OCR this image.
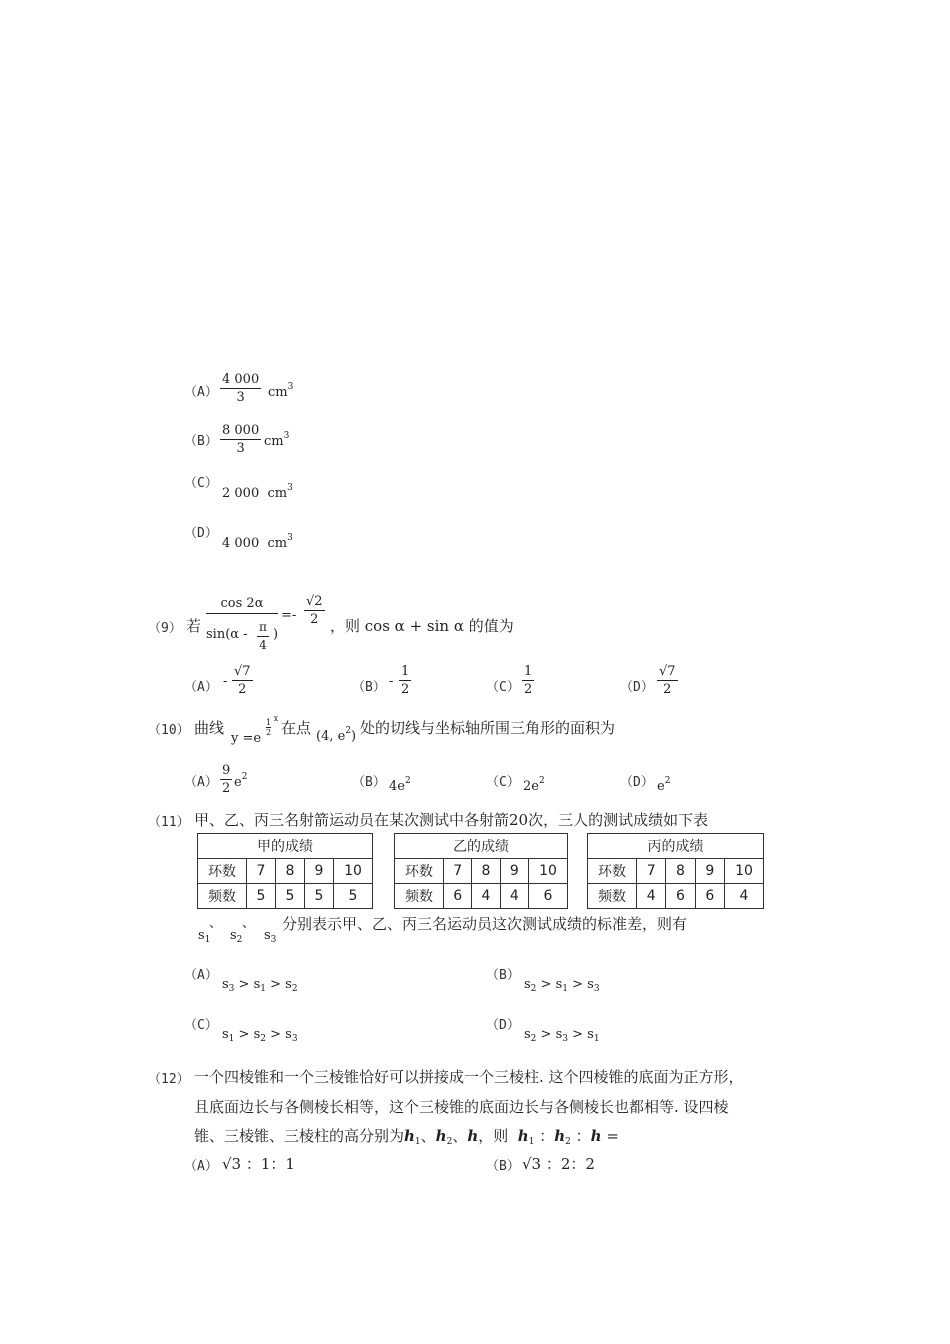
$(A) \frac{4 000}{3} cm^3$
$(B) \frac{8 000}{3} cm^3$
（C）
2 000 $cm^3$
（D）
4 000 $cm^3$
（9） 若
cos 2α
$\sin(\alpha - \frac{\pi}{4}$ )
=- $\frac{√2}{2}$ ，则 cos α + sin α 的值为
$(A) - \frac{√7}{2}$	$(B) - \frac{1}{2}$	$(C) \frac{1}{2}$	$(D) \frac{√7}{2}$
（10） 曲线
y =e
$\frac{1}{2}$ x
在点 (4, $e^2$) 处的切线与坐标轴所围三角形的面积为
$(A) \frac{9}{2} e^2$	（B） $4e^2$	（C） $2e^2$	（D） $e^2$
（11） 甲、乙、丙三名射箭运动员在某次测试中各射箭20次，三人的测试成绩如下表
甲的成绩				
环数	7	8	9	10
频数	5	5	5	5
乙的成绩				
环数	7	8	9	10
频数	6	4	4	6
丙的成绩				
环数	7	8	9	10
频数	4	6	6	4
$s_1$
、
$s_2$
、
$s_3$
分别表示甲、乙、丙三名运动员这次测试成绩的标准差，则有
（A）
$s_3 > s_1 > s_2$
（B）
$s_2 > s_1 > s_3$
（C）
$s_1 > s_2 > s_3$
（D）
$s_2 > s_3 > s_1$
（12） 一个四棱锥和一个三棱锥恰好可以拼接成一个三棱柱. 这个四棱锥的底面为正方形，
且底面边长与各侧棱长相等，这个三棱锥的底面边长与各侧棱长也都相等. 设四棱
锥、三棱锥、三棱柱的高分别为$h_1$、$h_2$、h，则 $h_1$ ：$h_2$ ：h =
（A） √3 ：1：1	（B） √3 ：2：2
